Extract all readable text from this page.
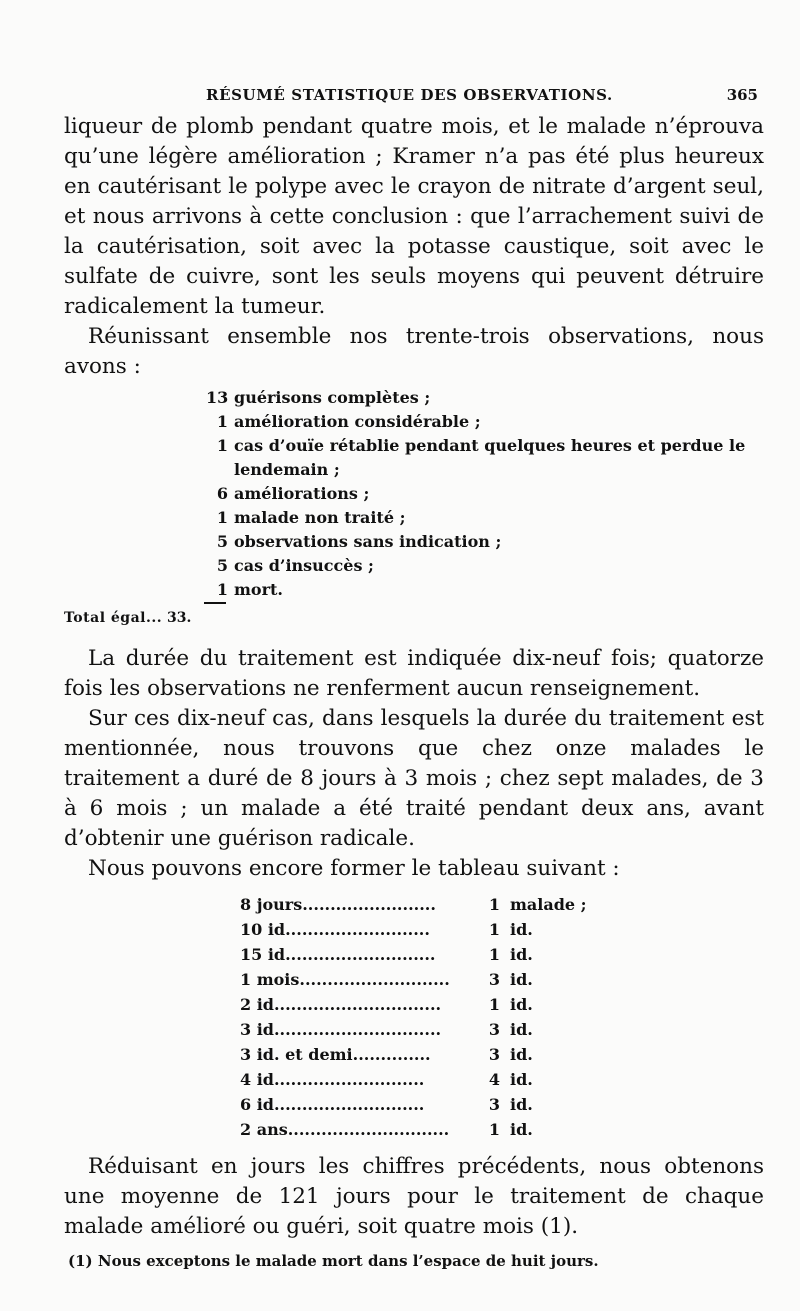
RÉSUMÉ STATISTIQUE DES OBSERVATIONS.	365

liqueur de plomb pendant quatre mois, et le malade n’éprouva qu’une légère amélioration ; Kramer n’a pas été plus heureux en cautérisant le polype avec le crayon de nitrate d’argent seul, et nous arrivons à cette conclusion : que l’arrachement suivi de la cautérisation, soit avec la potasse caustique, soit avec le sulfate de cuivre, sont les seuls moyens qui peuvent détruire radicalement la tumeur.

Réunissant ensemble nos trente-trois observations, nous avons :

13 guérisons complètes ;
1 amélioration considérable ;
1 cas d’ouïe rétablie pendant quelques heures et perdue le lendemain ;
6 améliorations ;
1 malade non traité ;
5 observations sans indication ;
5 cas d’insuccès ;
1 mort.
Total égal... 33.

La durée du traitement est indiquée dix-neuf fois; quatorze fois les observations ne renferment aucun renseignement.

Sur ces dix-neuf cas, dans lesquels la durée du traitement est mentionnée, nous trouvons que chez onze malades le traitement a duré de 8 jours à 3 mois ; chez sept malades, de 3 à 6 mois ; un malade a été traité pendant deux ans, avant d’obtenir une guérison radicale.

Nous pouvons encore former le tableau suivant :

8 jours........................	1 malade ;
10 id..........................	1 id.
15 id...........................	1 id.
1 mois...........................	3 id.
2 id..............................	1 id.
3 id..............................	3 id.
3 id. et demi..............	3 id.
4 id...........................	4 id.
6 id...........................	3 id.
2 ans.............................	1 id.

Réduisant en jours les chiffres précédents, nous obtenons une moyenne de 121 jours pour le traitement de chaque malade amélioré ou guéri, soit quatre mois (1).

(1) Nous exceptons le malade mort dans l’espace de huit jours.
